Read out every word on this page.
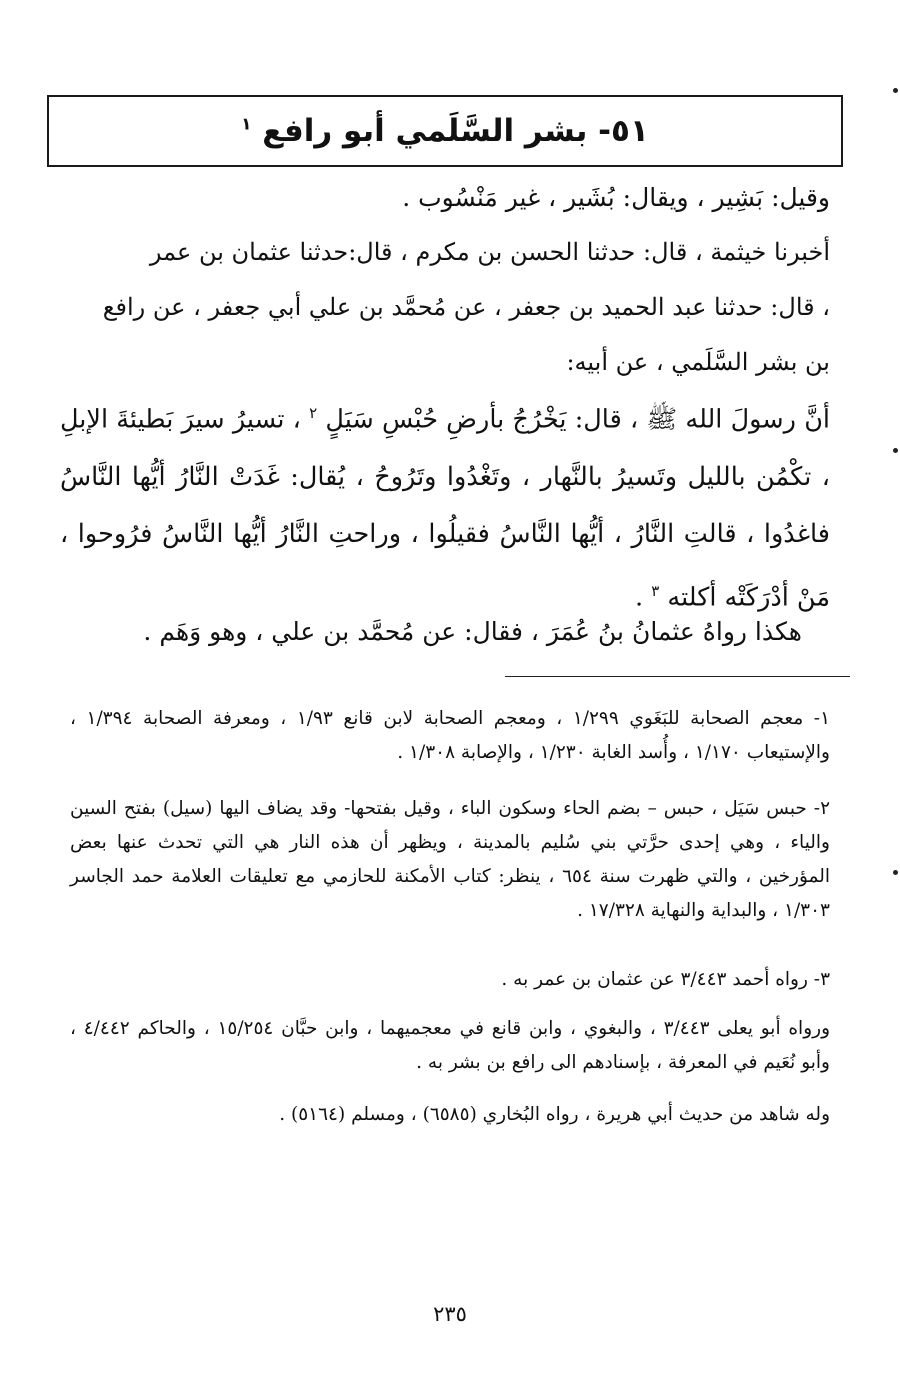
٥١- بشر السَّلَمي أبو رافع $^١$

وقيل: بَشِير ، ويقال: بُشَير ، غير مَنْسُوب .

أخبرنا خيثمة ، قال: حدثنا الحسن بن مكرم ، قال:حدثنا عثمان بن عمر
، قال: حدثنا عبد الحميد بن جعفر ، عن مُحمَّد بن علي أبي جعفر ، عن رافع
بن بشر السَّلَمي ، عن أبيه:

أنَّ رسولَ الله ﷺ ، قال: يَخْرُجُ بأرضِ حُبْسِ سَيَلٍ $^٢$ ، تسيرُ سيرَ بَطيئةَ الإبلِ ، تكْمُن بالليل وتَسيرُ بالنَّهار ، وتَغْدُوا وتَرُوحُ ، يُقال: غَدَتْ النَّارُ أيُّها النَّاسُ فاغدُوا ، قالتِ النَّارُ ، أيُّها النَّاسُ فقيلُوا ، وراحتِ النَّارُ أيُّها النَّاسُ فرُوحوا ، مَنْ أدْرَكَتْه أكلته $^٣$ .

هكذا رواهُ عثمانُ بنُ عُمَرَ ، فقال: عن مُحمَّد بن علي ، وهو وَهَم .

١- معجم الصحابة للبَغَوي ١/٢٩٩ ، ومعجم الصحابة لابن قانع ١/٩٣ ، ومعرفة الصحابة ١/٣٩٤ ، والإستيعاب ١/١٧٠ ، وأُسد الغابة ١/٢٣٠ ، والإصابة ١/٣٠٨ .

٢- حبس سَيَل ، حبس – بضم الحاء وسكون الباء ، وقيل بفتحها- وقد يضاف اليها (سيل) بفتح السين والياء ، وهي إحدى حرَّتي بني سُليم بالمدينة ، ويظهر أن هذه النار هي التي تحدث عنها بعض المؤرخين ، والتي ظهرت سنة ٦٥٤ ، ينظر: كتاب الأمكنة للحازمي مع تعليقات العلامة حمد الجاسر ١/٣٠٣ ، والبداية والنهاية ١٧/٣٢٨ .

٣- رواه أحمد ٣/٤٤٣ عن عثمان بن عمر به .

ورواه أبو يعلى ٣/٤٤٣ ، والبغوي ، وابن قانع في معجميهما ، وابن حبَّان ١٥/٢٥٤ ، والحاكم ٤/٤٤٢ ، وأبو نُعَيم في المعرفة ، بإسنادهم الى رافع بن بشر به .

وله شاهد من حديث أبي هريرة ، رواه البُخاري (٦٥٨٥) ، ومسلم (٥١٦٤) .

٢٣٥
